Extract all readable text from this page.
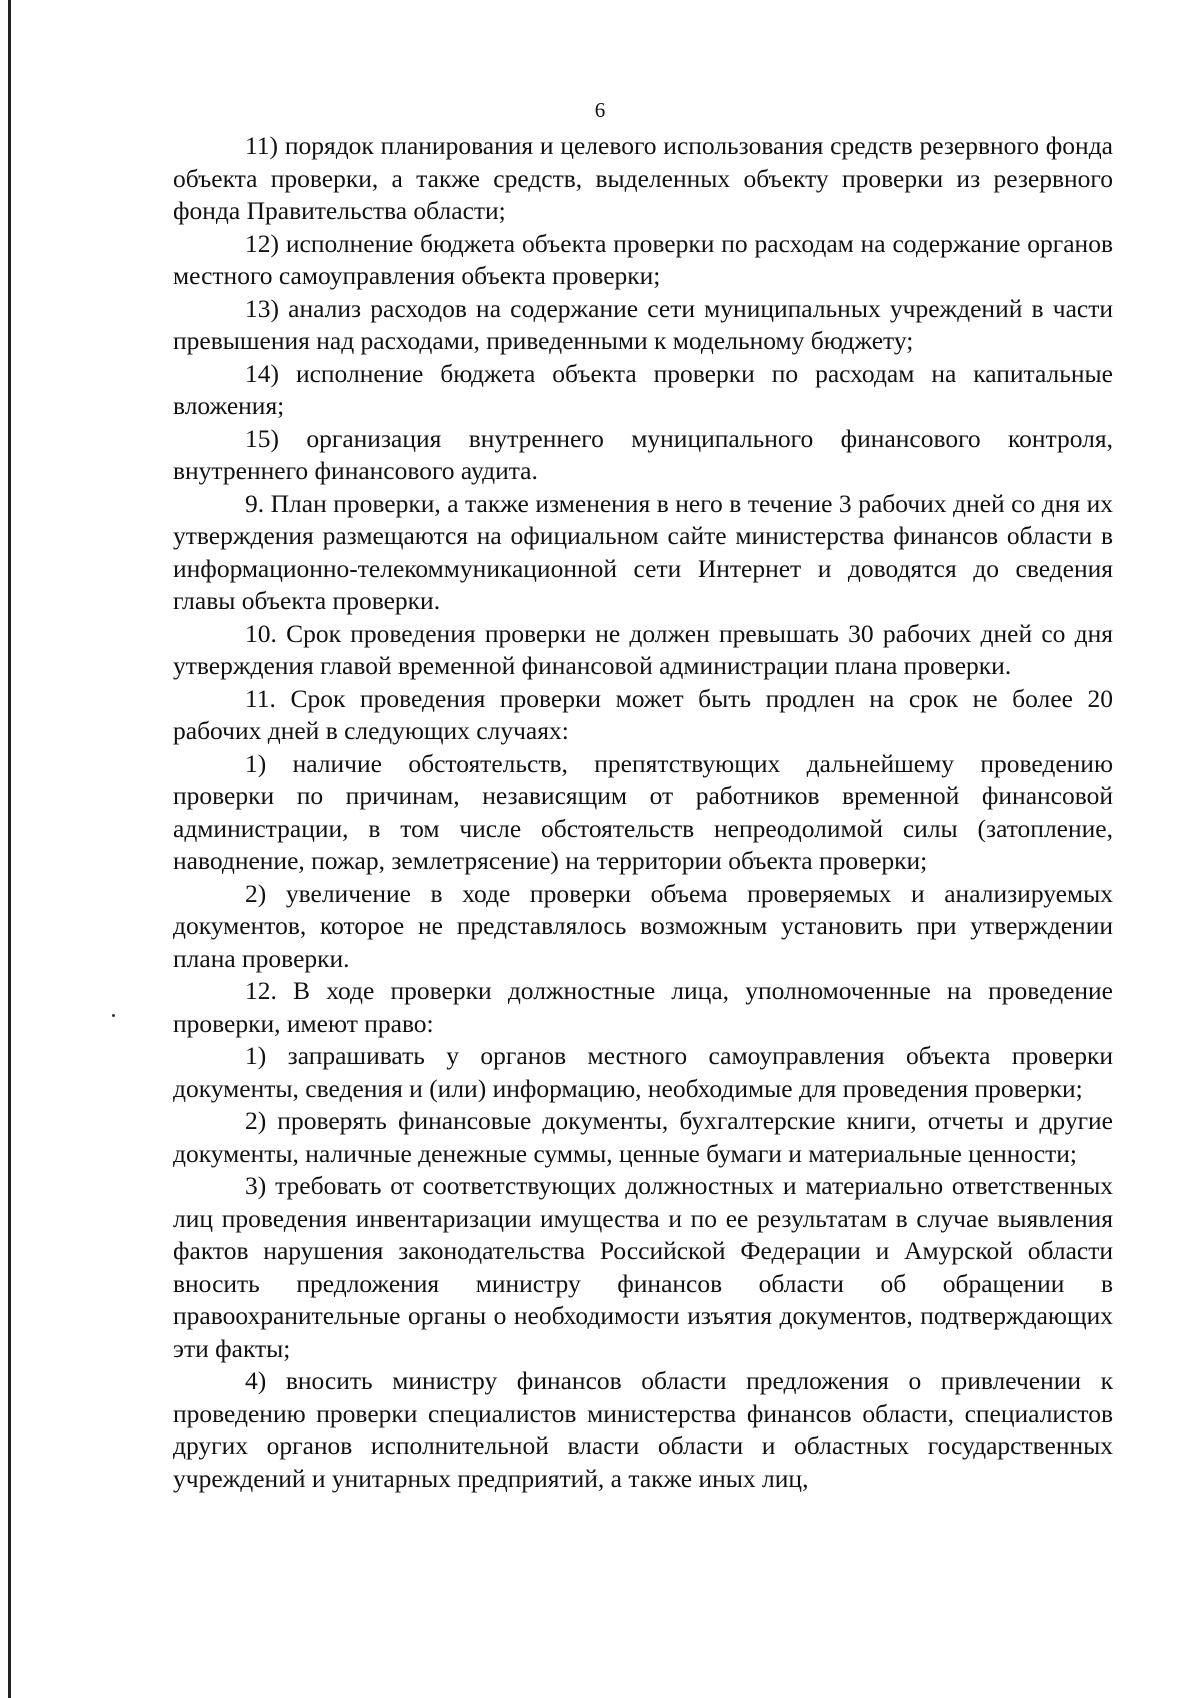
6

11) порядок планирования и целевого использования средств резервного фонда объекта проверки, а также средств, выделенных объекту проверки из резервного фонда Правительства области;

12) исполнение бюджета объекта проверки по расходам на содержание органов местного самоуправления объекта проверки;

13) анализ расходов на содержание сети муниципальных учреждений в части превышения над расходами, приведенными к модельному бюджету;

14) исполнение бюджета объекта проверки по расходам на капитальные вложения;

15) организация внутреннего муниципального финансового контроля, внутреннего финансового аудита.

9. План проверки, а также изменения в него в течение 3 рабочих дней со дня их утверждения размещаются на официальном сайте министерства финансов области в информационно-телекоммуникационной сети Интернет и доводятся до сведения главы объекта проверки.

10. Срок проведения проверки не должен превышать 30 рабочих дней со дня утверждения главой временной финансовой администрации плана проверки.

11. Срок проведения проверки может быть продлен на срок не более 20 рабочих дней в следующих случаях:

1) наличие обстоятельств, препятствующих дальнейшему проведению проверки по причинам, независящим от работников временной финансовой администрации, в том числе обстоятельств непреодолимой силы (затопление, наводнение, пожар, землетрясение) на территории объекта проверки;

2) увеличение в ходе проверки объема проверяемых и анализируемых документов, которое не представлялось возможным установить при утверждении плана проверки.

12. В ходе проверки должностные лица, уполномоченные на проведение проверки, имеют право:

1) запрашивать у органов местного самоуправления объекта проверки документы, сведения и (или) информацию, необходимые для проведения проверки;

2) проверять финансовые документы, бухгалтерские книги, отчеты и другие документы, наличные денежные суммы, ценные бумаги и материальные ценности;

3) требовать от соответствующих должностных и материально ответственных лиц проведения инвентаризации имущества и по ее результатам в случае выявления фактов нарушения законодательства Российской Федерации и Амурской области вносить предложения министру финансов области об обращении в правоохранительные органы о необходимости изъятия документов, подтверждающих эти факты;

4) вносить министру финансов области предложения о привлечении к проведению проверки специалистов министерства финансов области, специалистов других органов исполнительной власти области и областных государственных учреждений и унитарных предприятий, а также иных лиц,
